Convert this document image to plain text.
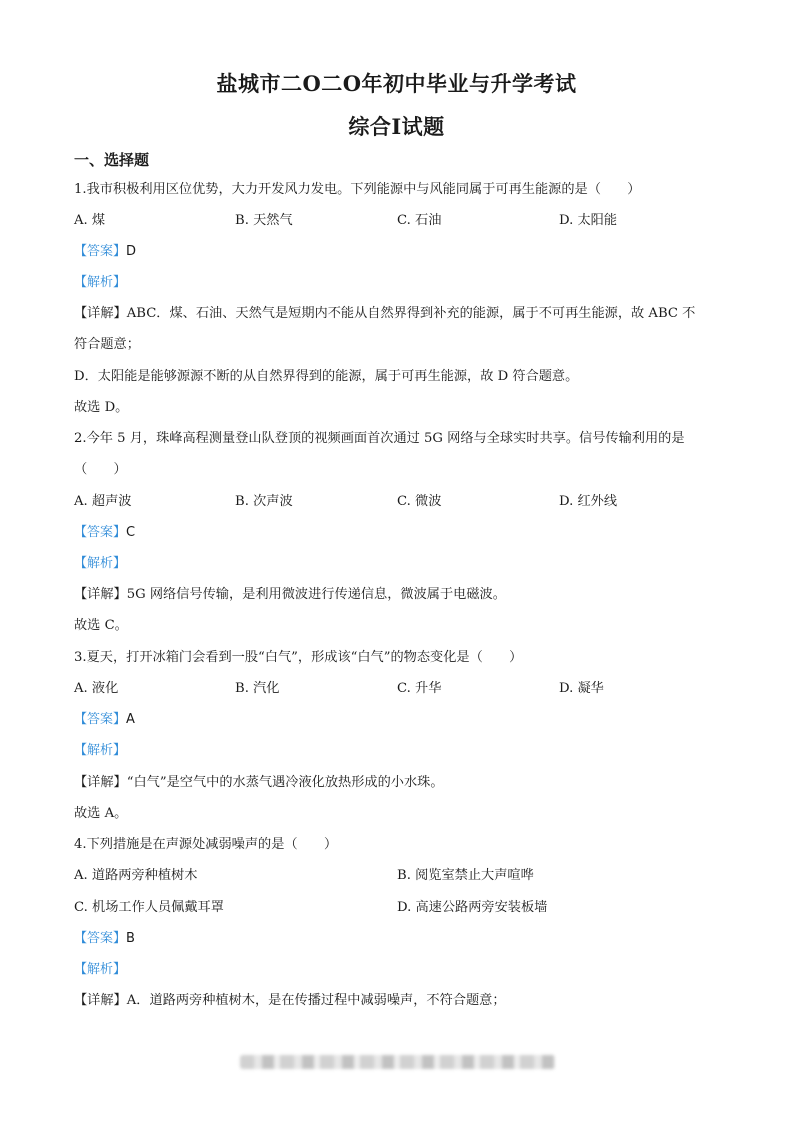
盐城市二O二O年初中毕业与升学考试
综合Ⅰ试题
一、选择题
1.我市积极利用区位优势，大力开发风力发电。下列能源中与风能同属于可再生能源的是（　　）
A. 煤	B. 天然气	C. 石油	D. 太阳能
【答案】D
【解析】
【详解】ABC．煤、石油、天然气是短期内不能从自然界得到补充的能源，属于不可再生能源，故 ABC 不
符合题意；
D．太阳能是能够源源不断的从自然界得到的能源，属于可再生能源，故 D 符合题意。
故选 D。
2.今年 5 月，珠峰高程测量登山队登顶的视频画面首次通过 5G 网络与全球实时共享。信号传输利用的是
（　　）
A. 超声波	B. 次声波	C. 微波	D. 红外线
【答案】C
【解析】
【详解】5G 网络信号传输，是利用微波进行传递信息，微波属于电磁波。
故选 C。
3.夏天，打开冰箱门会看到一股“白气”，形成该“白气”的物态变化是（　　）
A. 液化	B. 汽化	C. 升华	D. 凝华
【答案】A
【解析】
【详解】“白气”是空气中的水蒸气遇冷液化放热形成的小水珠。
故选 A。
4.下列措施是在声源处减弱噪声的是（　　）
A. 道路两旁种植树木	B. 阅览室禁止大声喧哗
C. 机场工作人员佩戴耳罩	D. 高速公路两旁安装板墙
【答案】B
【解析】
【详解】A．道路两旁种植树木，是在传播过程中减弱噪声，不符合题意；
